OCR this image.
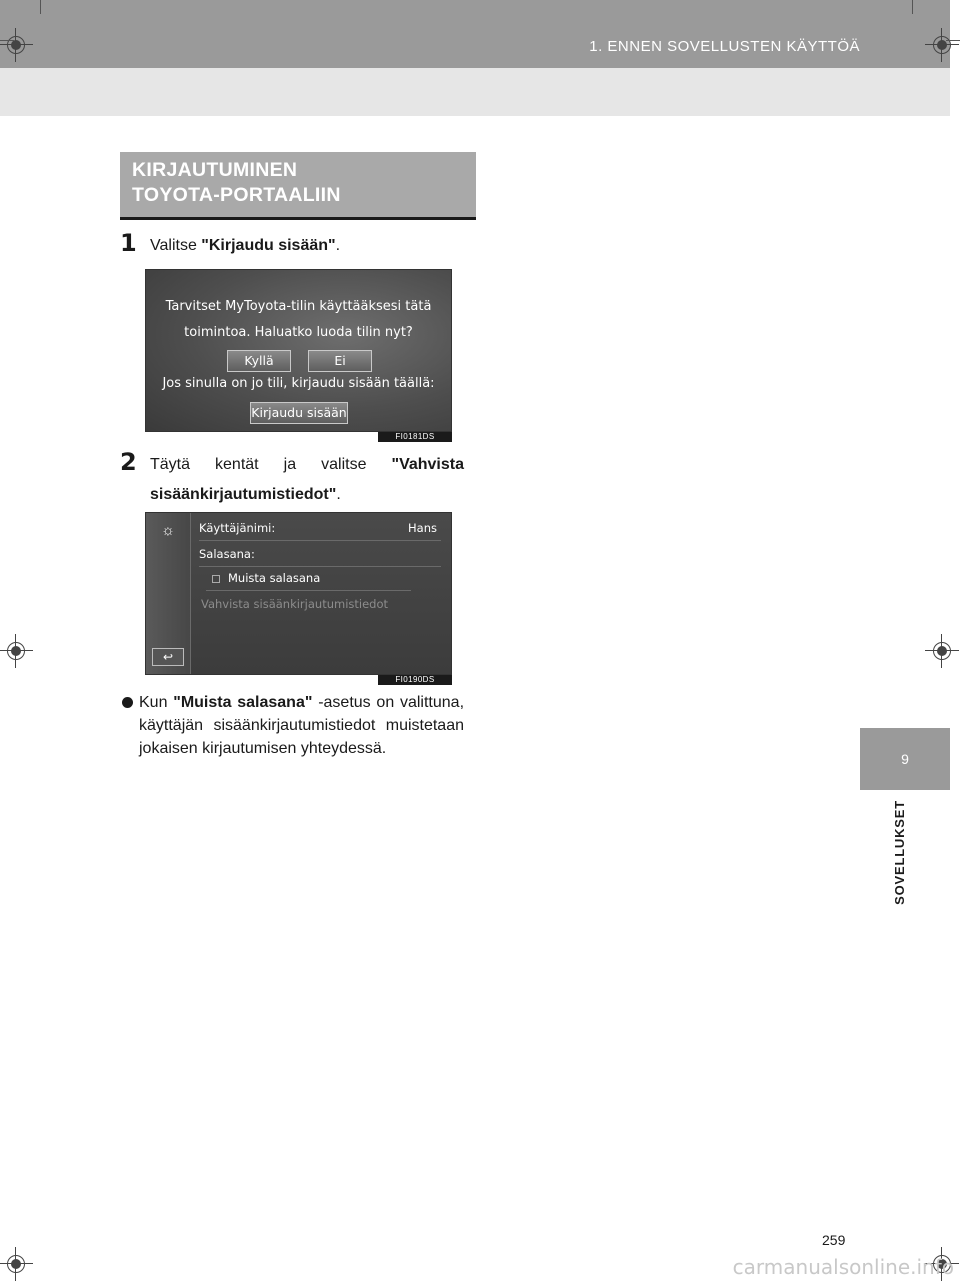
1. ENNEN SOVELLUSTEN KÄYTTÖÄ
KIRJAUTUMINEN
TOYOTA-PORTAALIIN
1 Valitse "Kirjaudu sisään".
Tarvitset MyToyota-tilin käyttääksesi tätä
toimintoa. Haluatko luoda tilin nyt?
Kyllä	Ei
Jos sinulla on jo tili, kirjaudu sisään täällä:
Kirjaudu sisään
FI0181DS
2 Täytä kentät ja valitse "Vahvista
sisäänkirjautumistiedot".
☼
↩
Käyttäjänimi:	Hans
Salasana:
Muista salasana
Vahvista sisäänkirjautumistiedot
FI0190DS
Kun "Muista salasana" -asetus on valittuna, käyttäjän sisäänkirjautumistiedot muistetaan jokaisen kirjautumisen yhteydessä.
9
SOVELLUKSET
259
carmanualsonline.info
